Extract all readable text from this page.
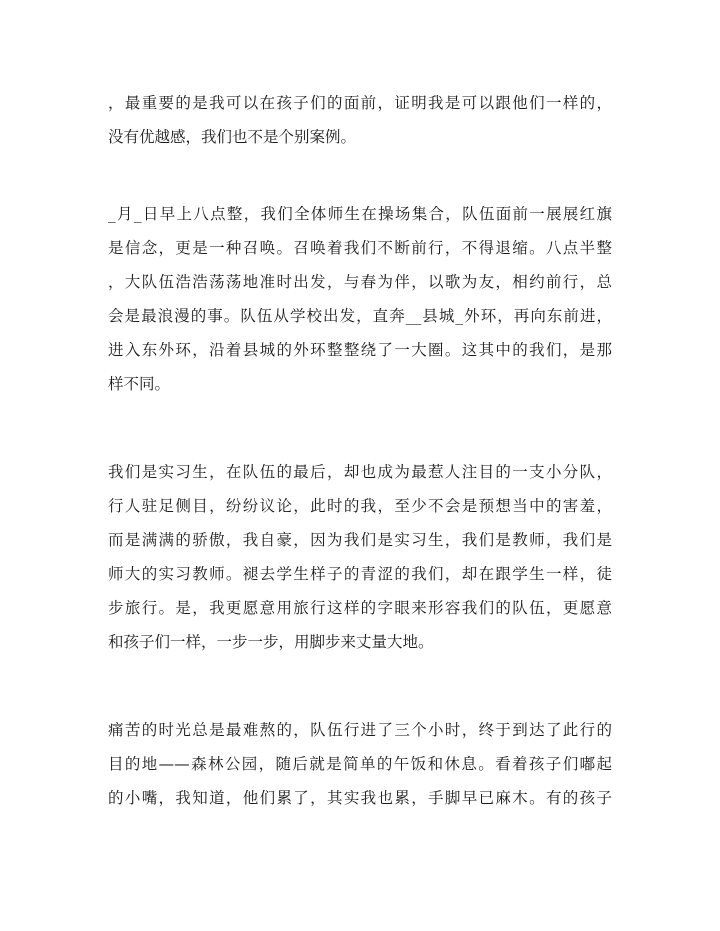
，最重要的是我可以在孩子们的面前，证明我是可以跟他们一样的，
没有优越感，我们也不是个别案例。
_月_日早上八点整，我们全体师生在操场集合，队伍面前一展展红旗
是信念，更是一种召唤。召唤着我们不断前行，不得退缩。八点半整
，大队伍浩浩荡荡地准时出发，与春为伴，以歌为友，相约前行，总
会是最浪漫的事。队伍从学校出发，直奔__县城_外环，再向东前进，
进入东外环，沿着县城的外环整整绕了一大圈。这其中的我们，是那
样不同。
我们是实习生，在队伍的最后，却也成为最惹人注目的一支小分队，
行人驻足侧目，纷纷议论，此时的我，至少不会是预想当中的害羞，
而是满满的骄傲，我自豪，因为我们是实习生，我们是教师，我们是
师大的实习教师。褪去学生样子的青涩的我们，却在跟学生一样，徒
步旅行。是，我更愿意用旅行这样的字眼来形容我们的队伍，更愿意
和孩子们一样，一步一步，用脚步来丈量大地。
痛苦的时光总是最难熬的，队伍行进了三个小时，终于到达了此行的
目的地——森林公园，随后就是简单的午饭和休息。看着孩子们嘟起
的小嘴，我知道，他们累了，其实我也累，手脚早已麻木。有的孩子
